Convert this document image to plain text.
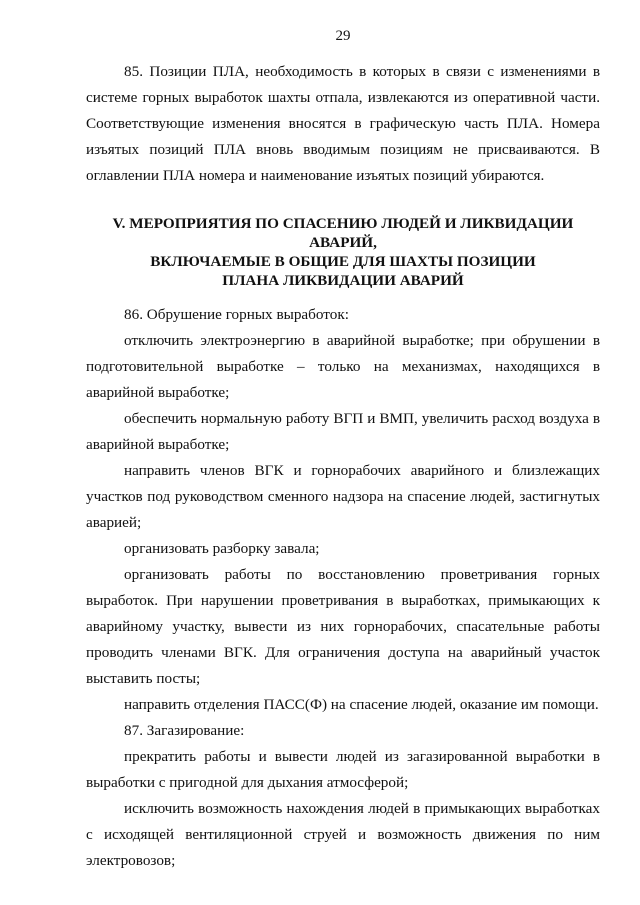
29

85. Позиции ПЛА, необходимость в которых в связи с изменениями в системе горных выработок шахты отпала, извлекаются из оперативной части. Соответствующие изменения вносятся в графическую часть ПЛА. Номера изъятых позиций ПЛА вновь вводимым позициям не присваиваются. В оглавлении ПЛА номера и наименование изъятых позиций убираются.

V. МЕРОПРИЯТИЯ ПО СПАСЕНИЮ ЛЮДЕЙ И ЛИКВИДАЦИИ АВАРИЙ,
ВКЛЮЧАЕМЫЕ В ОБЩИЕ ДЛЯ ШАХТЫ ПОЗИЦИИ
ПЛАНА ЛИКВИДАЦИИ АВАРИЙ

86. Обрушение горных выработок:

отключить электроэнергию в аварийной выработке; при обрушении в подготовительной выработке – только на механизмах, находящихся в аварийной выработке;

обеспечить нормальную работу ВГП и ВМП, увеличить расход воздуха в аварийной выработке;

направить членов ВГК и горнорабочих аварийного и близлежащих участков под руководством сменного надзора на спасение людей, застигнутых аварией;

организовать разборку завала;

организовать работы по восстановлению проветривания горных выработок. При нарушении проветривания в выработках, примыкающих к аварийному участку, вывести из них горнорабочих, спасательные работы проводить членами ВГК. Для ограничения доступа на аварийный участок выставить посты;

направить отделения ПАСС(Ф) на спасение людей, оказание им помощи.

87. Загазирование:

прекратить работы и вывести людей из загазированной выработки в выработки с пригодной для дыхания атмосферой;

исключить возможность нахождения людей в примыкающих выработках с исходящей вентиляционной струей и возможность движения по ним электровозов;
